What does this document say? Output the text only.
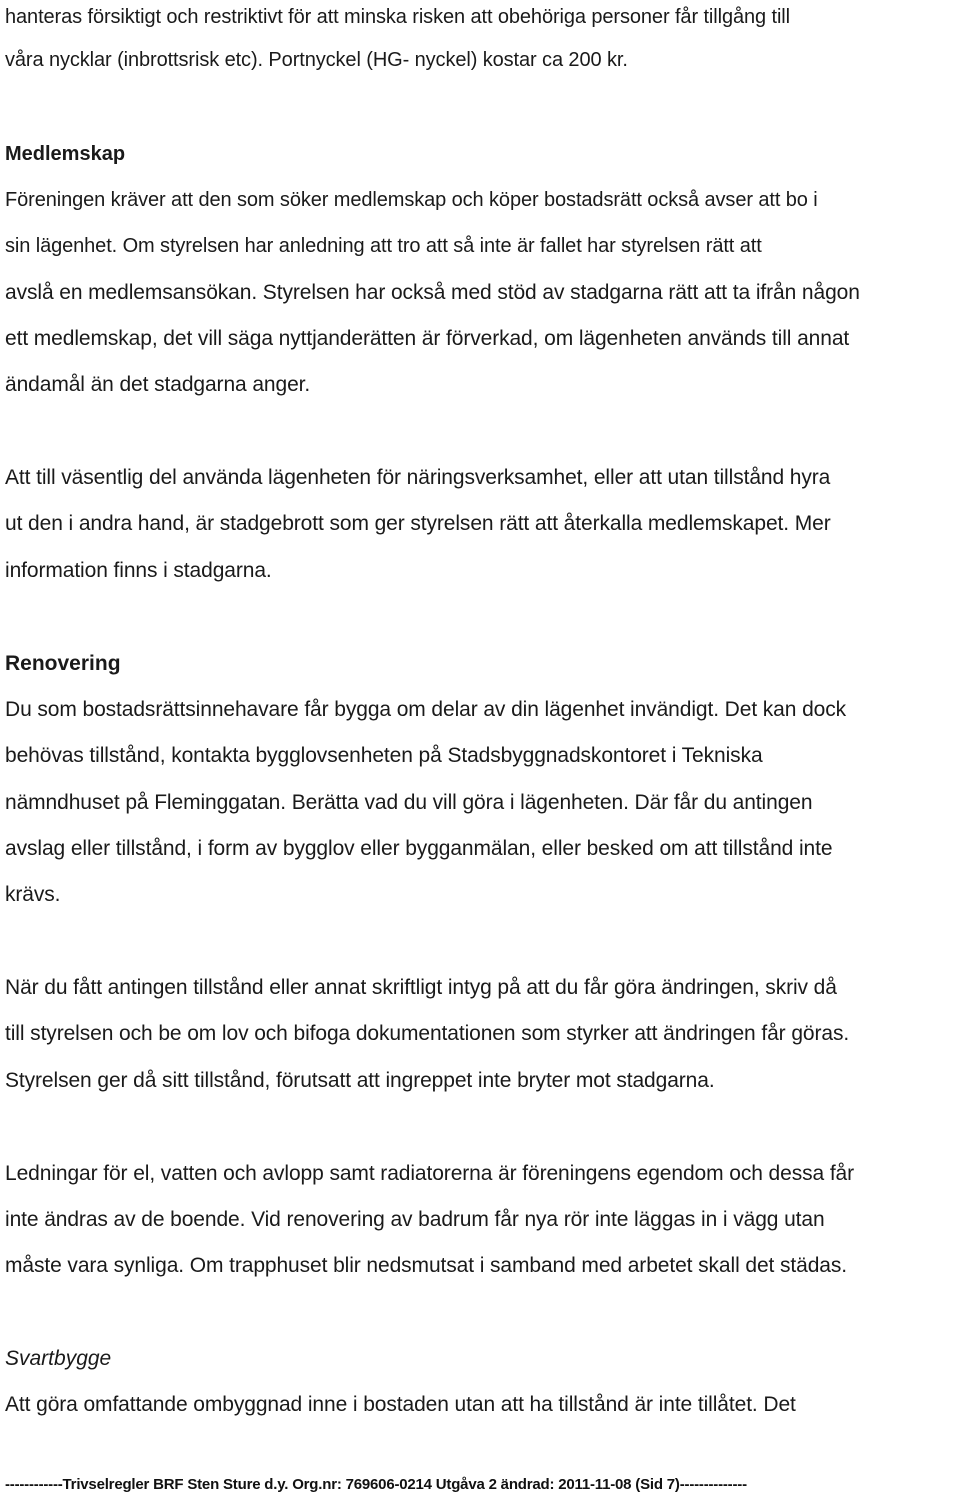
hanteras försiktigt och restriktivt för att minska risken att obehöriga personer får tillgång till
våra nycklar (inbrottsrisk etc). Portnyckel (HG- nyckel) kostar ca 200 kr.
Medlemskap
Föreningen kräver att den som söker medlemskap och köper bostadsrätt också avser att bo i
sin lägenhet. Om styrelsen har anledning att tro att så inte är fallet har styrelsen rätt att
avslå en medlemsansökan. Styrelsen har också med stöd av stadgarna rätt att ta ifrån någon
ett medlemskap, det vill säga nyttjanderätten är förverkad, om lägenheten används till annat
ändamål än det stadgarna anger.
Att till väsentlig del använda lägenheten för näringsverksamhet, eller att utan tillstånd hyra
ut den i andra hand, är stadgebrott som ger styrelsen rätt att återkalla medlemskapet. Mer
information finns i stadgarna.
Renovering
Du som bostadsrättsinnehavare får bygga om delar av din lägenhet invändigt. Det kan dock
behövas tillstånd, kontakta bygglovsenheten på Stadsbyggnadskontoret i Tekniska
nämndhuset på Fleminggatan. Berätta vad du vill göra i lägenheten. Där får du antingen
avslag eller tillstånd, i form av bygglov eller bygganmälan, eller besked om att tillstånd inte
krävs.
När du fått antingen tillstånd eller annat skriftligt intyg på att du får göra ändringen, skriv då
till styrelsen och be om lov och bifoga dokumentationen som styrker att ändringen får göras.
Styrelsen ger då sitt tillstånd, förutsatt att ingreppet inte bryter mot stadgarna.
Ledningar för el, vatten och avlopp samt radiatorerna är föreningens egendom och dessa får
inte ändras av de boende. Vid renovering av badrum får nya rör inte läggas in i vägg utan
måste vara synliga. Om trapphuset blir nedsmutsat i samband med arbetet skall det städas.
Svartbygge
Att göra omfattande ombyggnad inne i bostaden utan att ha tillstånd är inte tillåtet. Det
------------Trivselregler BRF Sten Sture d.y. Org.nr: 769606-0214 Utgåva 2 ändrad: 2011-11-08 (Sid 7)--------------
